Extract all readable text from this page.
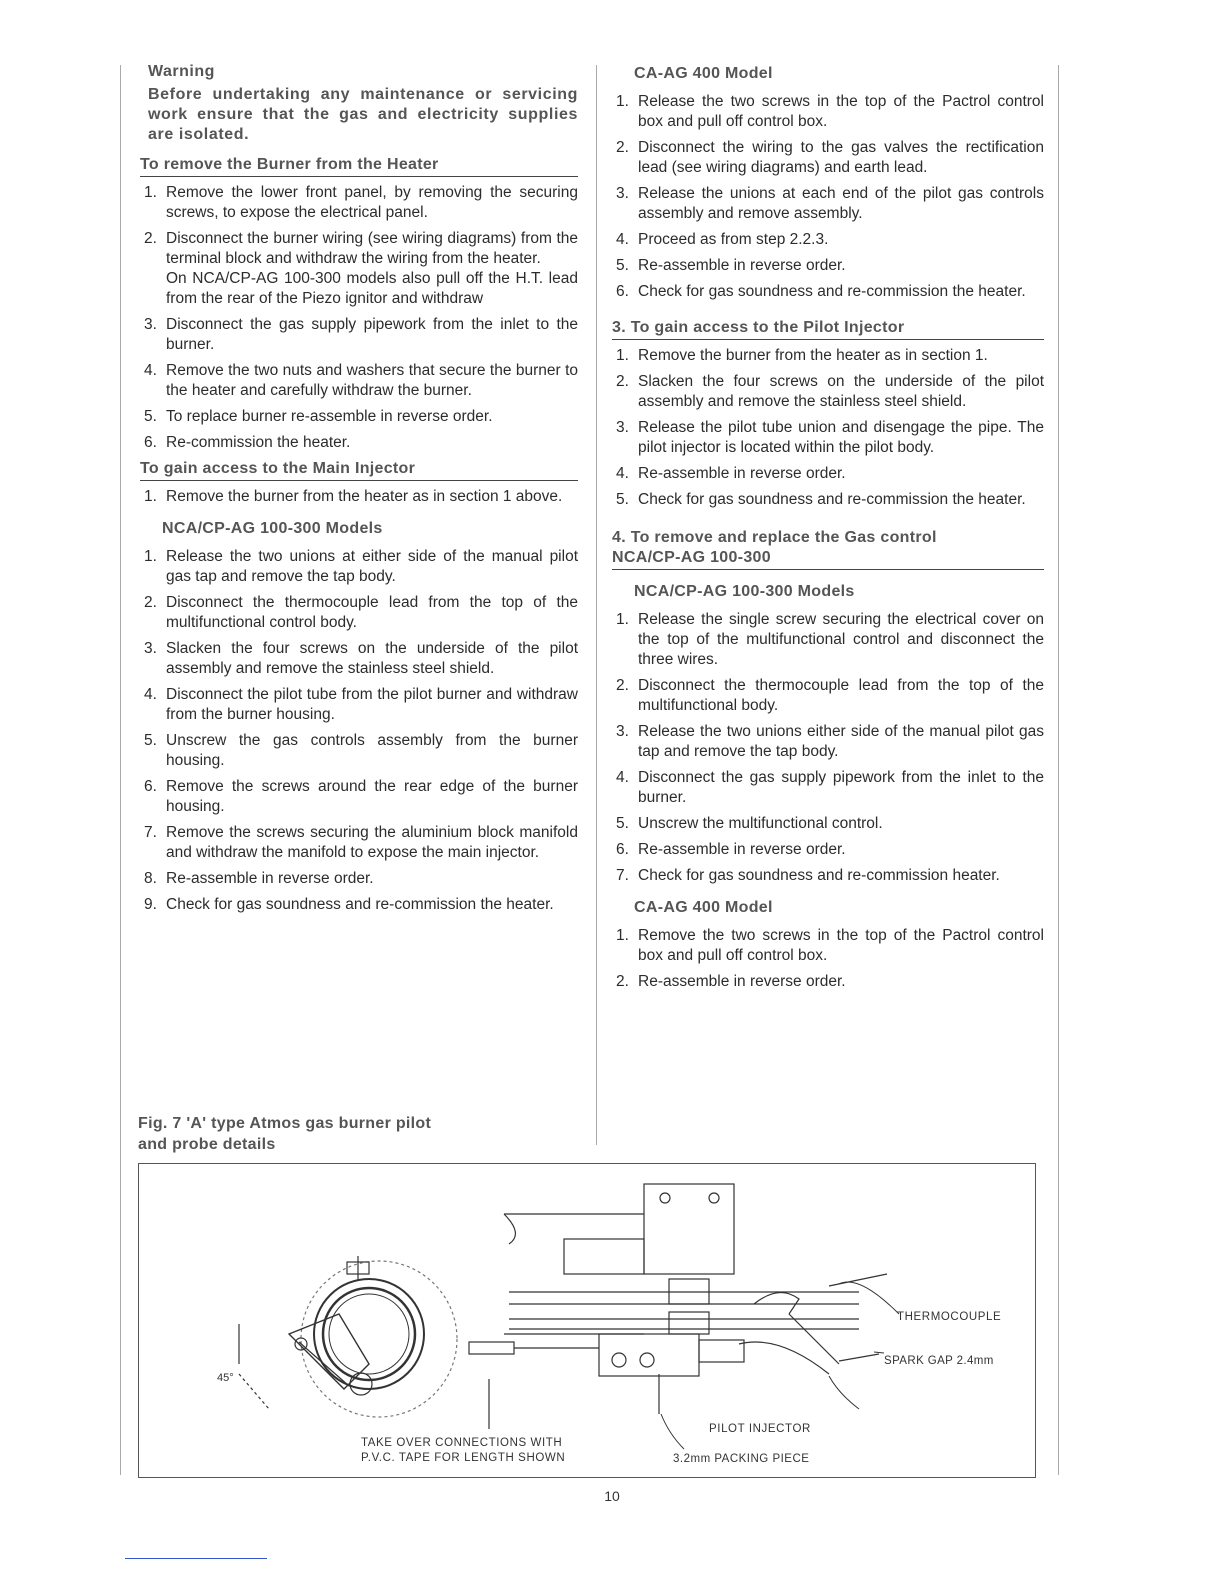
Warning
Before undertaking any maintenance or servicing work ensure that the gas and electricity supplies are isolated.
To remove the Burner from the Heater
1. Remove the lower front panel, by removing the securing screws, to expose the electrical panel.
2. Disconnect the burner wiring (see wiring diagrams) from the terminal block and withdraw the wiring from the heater.
On NCA/CP-AG 100-300 models also pull off the H.T. lead from the rear of the Piezo ignitor and withdraw
3. Disconnect the gas supply pipework from the inlet to the burner.
4. Remove the two nuts and washers that secure the burner to the heater and carefully withdraw the burner.
5. To replace burner re-assemble in reverse order.
6. Re-commission the heater.
To gain access to the Main Injector
1. Remove the burner from the heater as in section 1 above.
NCA/CP-AG 100-300 Models
1. Release the two unions at either side of the manual pilot gas tap and remove the tap body.
2. Disconnect the thermocouple lead from the top of the multifunctional control body.
3. Slacken the four screws on the underside of the pilot assembly and remove the stainless steel shield.
4. Disconnect the pilot tube from the pilot burner and withdraw from the burner housing.
5. Unscrew the gas controls assembly from the burner housing.
6. Remove the screws around the rear edge of the burner housing.
7. Remove the screws securing the aluminium block manifold and withdraw the manifold to expose the main injector.
8. Re-assemble in reverse order.
9. Check for gas soundness and re-commission the heater.
CA-AG 400 Model
1. Release the two screws in the top of the Pactrol control box and pull off control box.
2. Disconnect the wiring to the gas valves the rectification lead (see wiring diagrams) and earth lead.
3. Release the unions at each end of the pilot gas controls assembly and remove assembly.
4. Proceed as from step 2.2.3.
5. Re-assemble in reverse order.
6. Check for gas soundness and re-commission the heater.
3. To gain access to the Pilot Injector
1. Remove the burner from the heater as in section 1.
2. Slacken the four screws on the underside of the pilot assembly and remove the stainless steel shield.
3. Release the pilot tube union and disengage the pipe. The pilot injector is located within the pilot body.
4. Re-assemble in reverse order.
5. Check for gas soundness and re-commission the heater.
4. To remove and replace the Gas control
NCA/CP-AG 100-300
NCA/CP-AG 100-300 Models
1. Release the single screw securing the electrical cover on the top of the multifunctional control and disconnect the three wires.
2. Disconnect the thermocouple lead from the top of the multifunctional body.
3. Release the two unions either side of the manual pilot gas tap and remove the tap body.
4. Disconnect the gas supply pipework from the inlet to the burner.
5. Unscrew the multifunctional control.
6. Re-assemble in reverse order.
7. Check for gas soundness and re-commission heater.
CA-AG 400 Model
1. Remove the two screws in the top of the Pactrol control box and pull off control box.
2. Re-assemble in reverse order.
Fig. 7 'A' type Atmos gas burner pilot
and probe details
45°
THERMOCOUPLE
SPARK GAP 2.4mm
PILOT INJECTOR
3.2mm PACKING PIECE
TAKE OVER CONNECTIONS WITH
P.V.C. TAPE FOR LENGTH SHOWN
10
